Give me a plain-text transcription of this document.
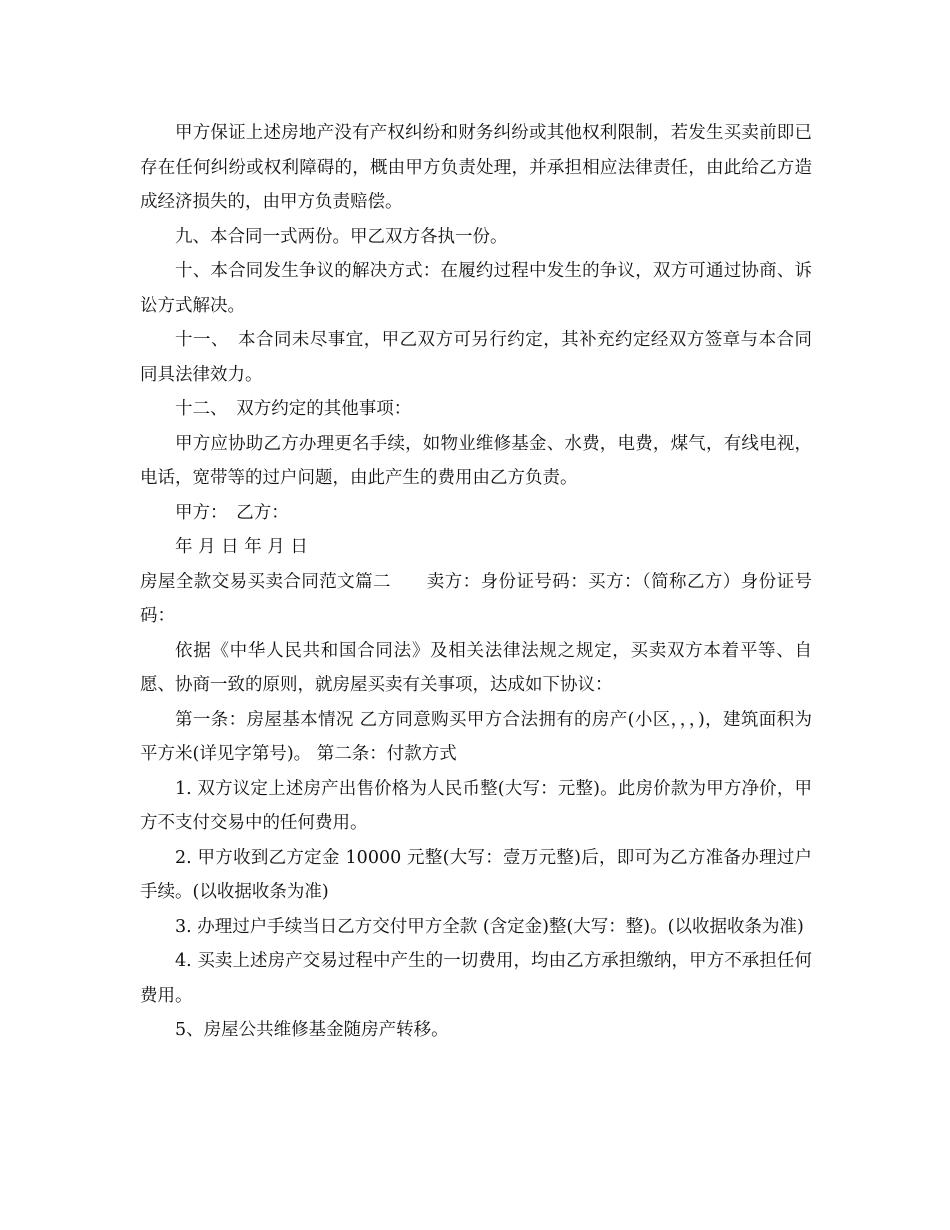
甲方保证上述房地产没有产权纠纷和财务纠纷或其他权利限制，若发生买卖前即已存在任何纠纷或权利障碍的，概由甲方负责处理，并承担相应法律责任，由此给乙方造成经济损失的，由甲方负责赔偿。

九、本合同一式两份。甲乙双方各执一份。

十、本合同发生争议的解决方式：在履约过程中发生的争议，双方可通过协商、诉讼方式解决。

十一、　本合同未尽事宜，甲乙双方可另行约定，其补充约定经双方签章与本合同同具法律效力。

十二、　双方约定的其他事项：

甲方应协助乙方办理更名手续，如物业维修基金、水费，电费，煤气，有线电视，电话，宽带等的过户问题，由此产生的费用由乙方负责。

甲方：　乙方：

年 月 日 年 月 日

房屋全款交易买卖合同范文篇二　　卖方：身份证号码：买方：（简称乙方）身份证号码：

依据《中华人民共和国合同法》及相关法律法规之规定，买卖双方本着平等、自愿、协商一致的原则，就房屋买卖有关事项，达成如下协议：

第一条：房屋基本情况 乙方同意购买甲方合法拥有的房产(小区，，，)，建筑面积为 平方米(详见字第号)。 第二条：付款方式

1. 双方议定上述房产出售价格为人民币整(大写：元整)。此房价款为甲方净价，甲方不支付交易中的任何费用。

2. 甲方收到乙方定金 10000 元整(大写：壹万元整)后，即可为乙方准备办理过户手续。(以收据收条为准)

3. 办理过户手续当日乙方交付甲方全款 (含定金)整(大写：整)。(以收据收条为准)

4. 买卖上述房产交易过程中产生的一切费用，均由乙方承担缴纳，甲方不承担任何费用。

5、房屋公共维修基金随房产转移。
